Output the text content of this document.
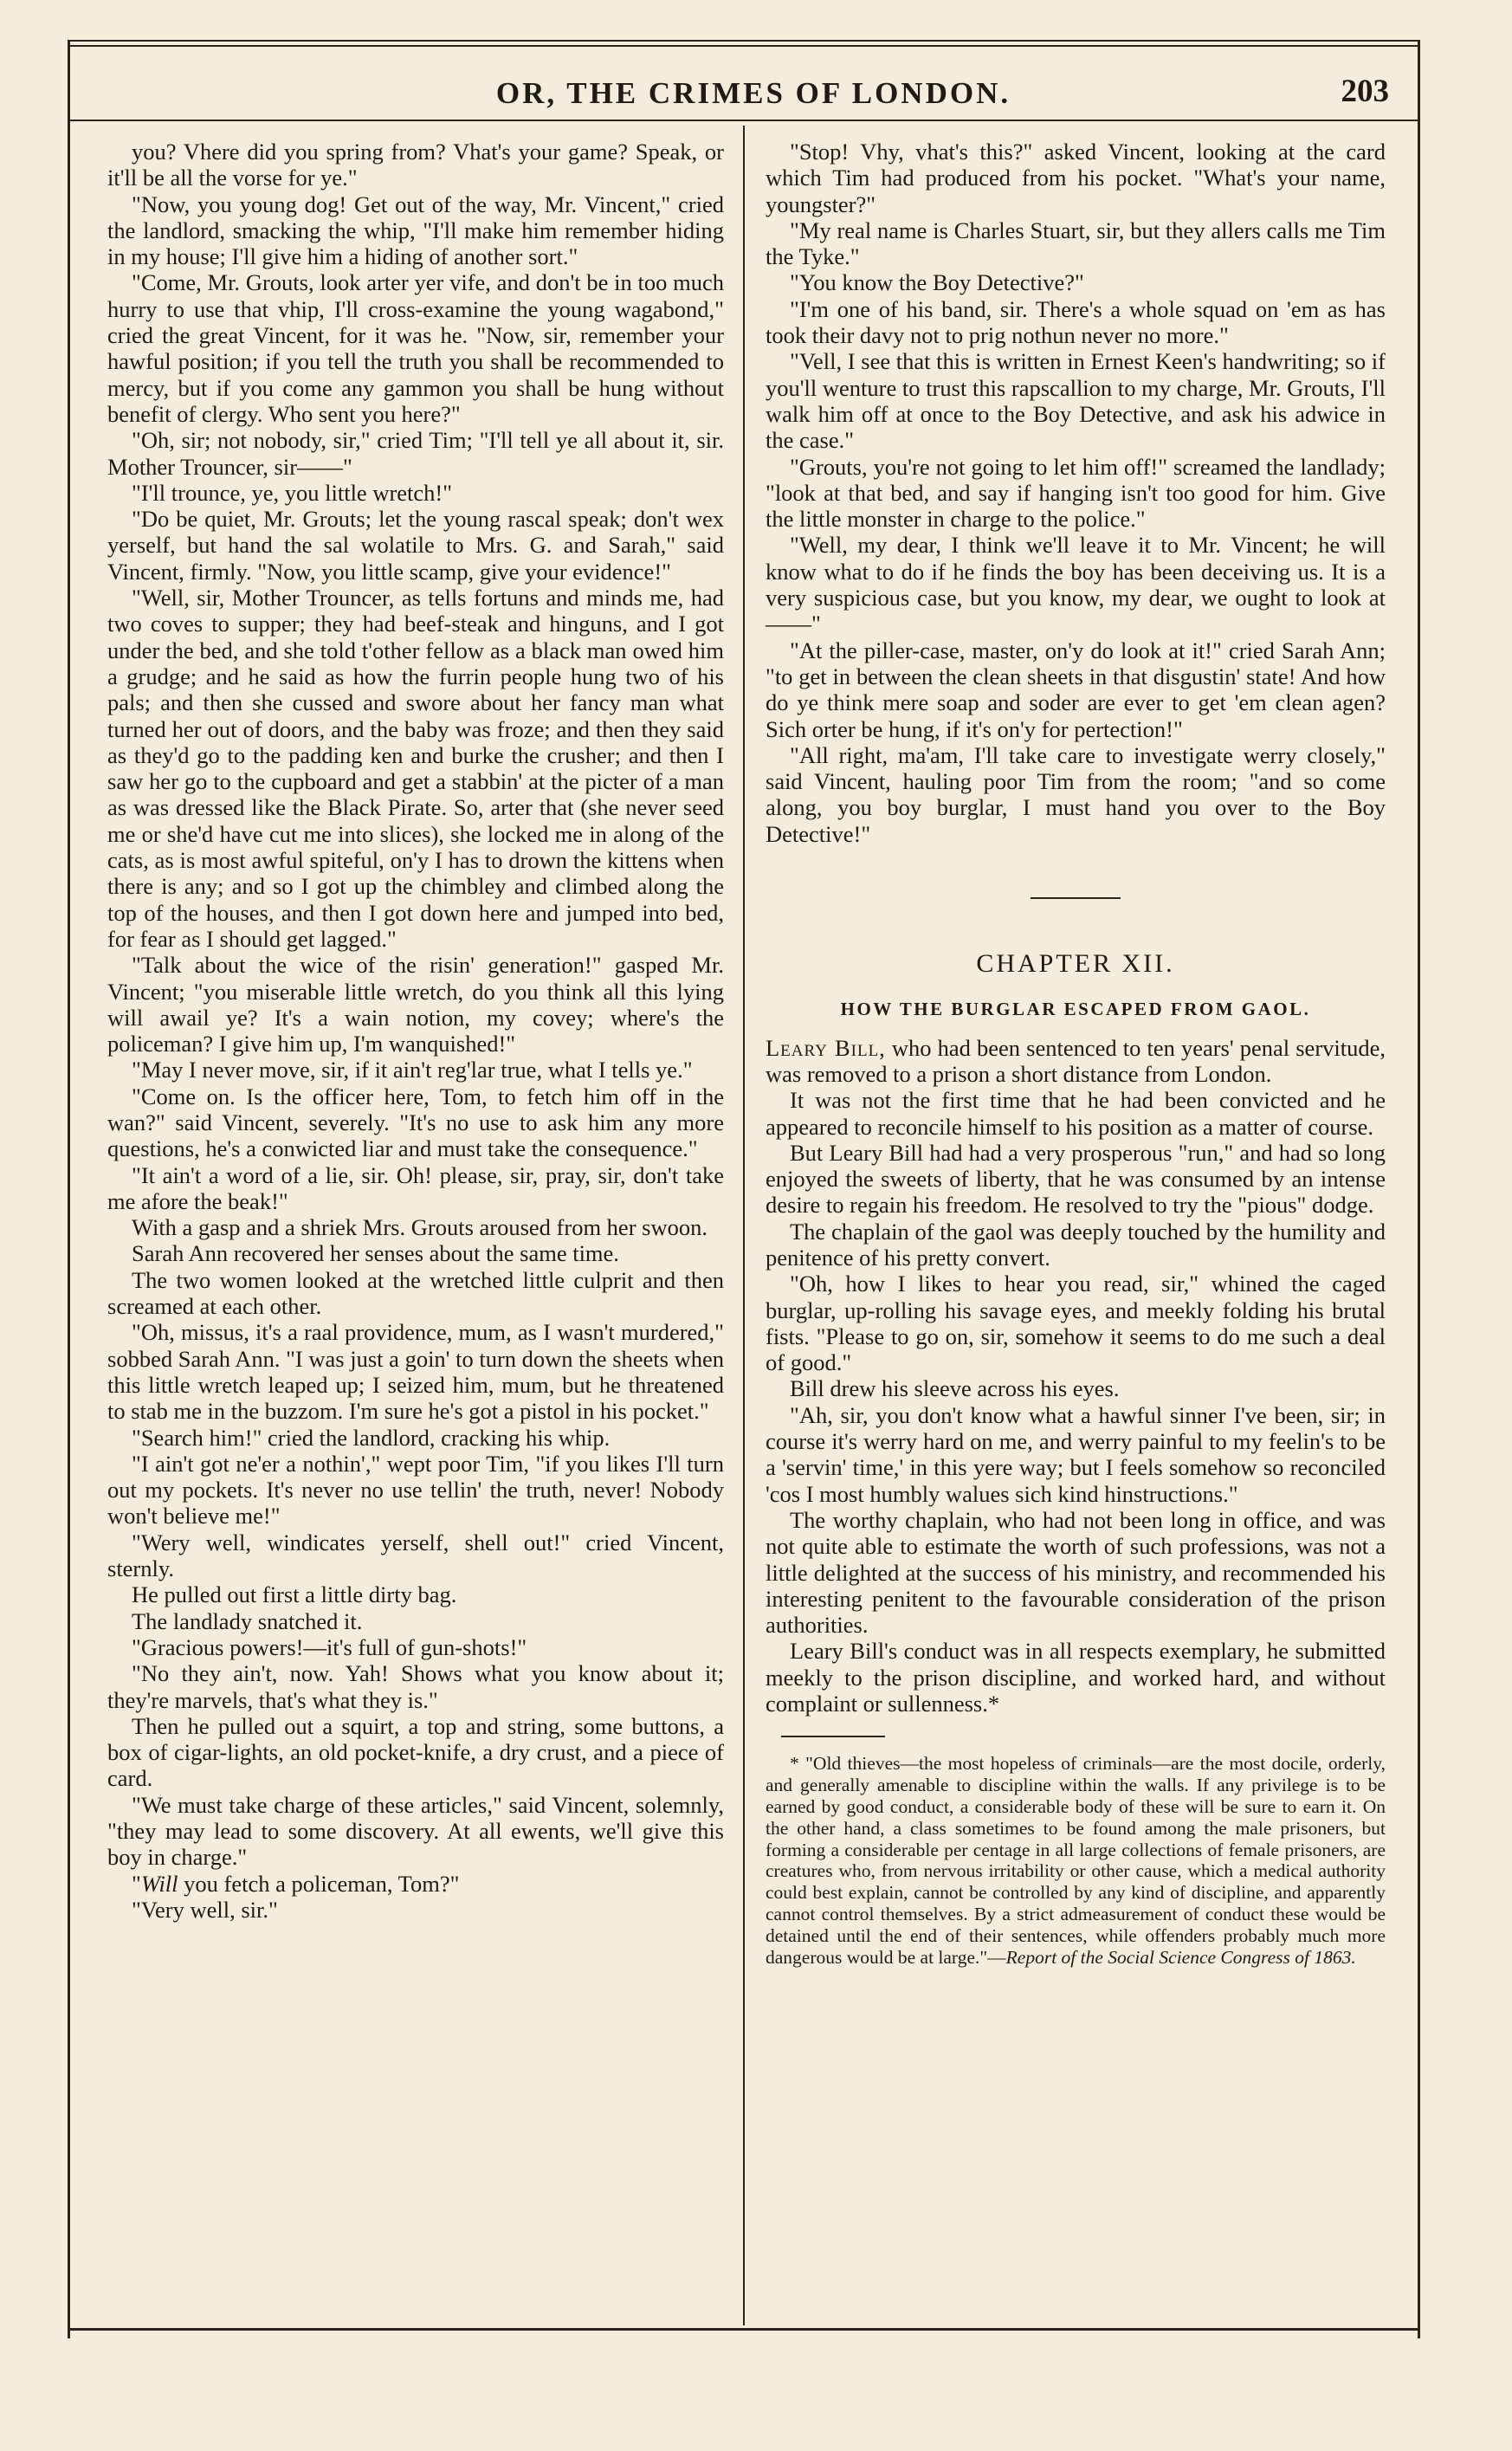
OR, THE CRIMES OF LONDON.	203

you? Vhere did you spring from? Vhat's your game? Speak, or it'll be all the vorse for ye."

"Now, you young dog! Get out of the way, Mr. Vincent," cried the landlord, smacking the whip, "I'll make him remember hiding in my house; I'll give him a hiding of another sort."

"Come, Mr. Grouts, look arter yer vife, and don't be in too much hurry to use that vhip, I'll cross-examine the young wagabond," cried the great Vincent, for it was he. "Now, sir, remember your hawful position; if you tell the truth you shall be recommended to mercy, but if you come any gammon you shall be hung without benefit of clergy. Who sent you here?"

"Oh, sir; not nobody, sir," cried Tim; "I'll tell ye all about it, sir. Mother Trouncer, sir——"

"I'll trounce, ye, you little wretch!"

"Do be quiet, Mr. Grouts; let the young rascal speak; don't wex yerself, but hand the sal wolatile to Mrs. G. and Sarah," said Vincent, firmly. "Now, you little scamp, give your evidence!"

"Well, sir, Mother Trouncer, as tells fortuns and minds me, had two coves to supper; they had beef-steak and hinguns, and I got under the bed, and she told t'other fellow as a black man owed him a grudge; and he said as how the furrin people hung two of his pals; and then she cussed and swore about her fancy man what turned her out of doors, and the baby was froze; and then they said as they'd go to the padding ken and burke the crusher; and then I saw her go to the cupboard and get a stabbin' at the picter of a man as was dressed like the Black Pirate. So, arter that (she never seed me or she'd have cut me into slices), she locked me in along of the cats, as is most awful spiteful, on'y I has to drown the kittens when there is any; and so I got up the chimbley and climbed along the top of the houses, and then I got down here and jumped into bed, for fear as I should get lagged."

"Talk about the wice of the risin' generation!" gasped Mr. Vincent; "you miserable little wretch, do you think all this lying will awail ye? It's a wain notion, my covey; where's the policeman? I give him up, I'm wanquished!"

"May I never move, sir, if it ain't reg'lar true, what I tells ye."

"Come on. Is the officer here, Tom, to fetch him off in the wan?" said Vincent, severely. "It's no use to ask him any more questions, he's a conwicted liar and must take the consequence."

"It ain't a word of a lie, sir. Oh! please, sir, pray, sir, don't take me afore the beak!"

With a gasp and a shriek Mrs. Grouts aroused from her swoon.

Sarah Ann recovered her senses about the same time.

The two women looked at the wretched little culprit and then screamed at each other.

"Oh, missus, it's a raal providence, mum, as I wasn't murdered," sobbed Sarah Ann. "I was just a goin' to turn down the sheets when this little wretch leaped up; I seized him, mum, but he threatened to stab me in the buzzom. I'm sure he's got a pistol in his pocket."

"Search him!" cried the landlord, cracking his whip.

"I ain't got ne'er a nothin'," wept poor Tim, "if you likes I'll turn out my pockets. It's never no use tellin' the truth, never! Nobody won't believe me!"

"Wery well, windicates yerself, shell out!" cried Vincent, sternly.

He pulled out first a little dirty bag.

The landlady snatched it.

"Gracious powers!—it's full of gun-shots!"

"No they ain't, now. Yah! Shows what you know about it; they're marvels, that's what they is."

Then he pulled out a squirt, a top and string, some buttons, a box of cigar-lights, an old pocket-knife, a dry crust, and a piece of card.

"We must take charge of these articles," said Vincent, solemnly, "they may lead to some discovery. At all ewents, we'll give this boy in charge."

"Will you fetch a policeman, Tom?"

"Very well, sir."

"Stop! Vhy, vhat's this?" asked Vincent, looking at the card which Tim had produced from his pocket. "What's your name, youngster?"

"My real name is Charles Stuart, sir, but they allers calls me Tim the Tyke."

"You know the Boy Detective?"

"I'm one of his band, sir. There's a whole squad on 'em as has took their davy not to prig nothun never no more."

"Vell, I see that this is written in Ernest Keen's handwriting; so if you'll wenture to trust this rapscallion to my charge, Mr. Grouts, I'll walk him off at once to the Boy Detective, and ask his adwice in the case."

"Grouts, you're not going to let him off!" screamed the landlady; "look at that bed, and say if hanging isn't too good for him. Give the little monster in charge to the police."

"Well, my dear, I think we'll leave it to Mr. Vincent; he will know what to do if he finds the boy has been deceiving us. It is a very suspicious case, but you know, my dear, we ought to look at——"

"At the piller-case, master, on'y do look at it!" cried Sarah Ann; "to get in between the clean sheets in that disgustin' state! And how do ye think mere soap and soder are ever to get 'em clean agen? Sich orter be hung, if it's on'y for pertection!"

"All right, ma'am, I'll take care to investigate werry closely," said Vincent, hauling poor Tim from the room; "and so come along, you boy burglar, I must hand you over to the Boy Detective!"

CHAPTER XII.
HOW THE BURGLAR ESCAPED FROM GAOL.

Leary Bill, who had been sentenced to ten years' penal servitude, was removed to a prison a short distance from London.

It was not the first time that he had been convicted and he appeared to reconcile himself to his position as a matter of course.

But Leary Bill had had a very prosperous "run," and had so long enjoyed the sweets of liberty, that he was consumed by an intense desire to regain his freedom. He resolved to try the "pious" dodge.

The chaplain of the gaol was deeply touched by the humility and penitence of his pretty convert.

"Oh, how I likes to hear you read, sir," whined the caged burglar, up-rolling his savage eyes, and meekly folding his brutal fists. "Please to go on, sir, somehow it seems to do me such a deal of good."

Bill drew his sleeve across his eyes.

"Ah, sir, you don't know what a hawful sinner I've been, sir; in course it's werry hard on me, and werry painful to my feelin's to be a 'servin' time,' in this yere way; but I feels somehow so reconciled 'cos I most humbly walues sich kind hinstructions."

The worthy chaplain, who had not been long in office, and was not quite able to estimate the worth of such professions, was not a little delighted at the success of his ministry, and recommended his interesting penitent to the favourable consideration of the prison authorities.

Leary Bill's conduct was in all respects exemplary, he submitted meekly to the prison discipline, and worked hard, and without complaint or sullenness.*

* "Old thieves—the most hopeless of criminals—are the most docile, orderly, and generally amenable to discipline within the walls. If any privilege is to be earned by good conduct, a considerable body of these will be sure to earn it. On the other hand, a class sometimes to be found among the male prisoners, but forming a considerable per centage in all large collections of female prisoners, are creatures who, from nervous irritability or other cause, which a medical authority could best explain, cannot be controlled by any kind of discipline, and apparently cannot control themselves. By a strict admeasurement of conduct these would be detained until the end of their sentences, while offenders probably much more dangerous would be at large."—Report of the Social Science Congress of 1863.
